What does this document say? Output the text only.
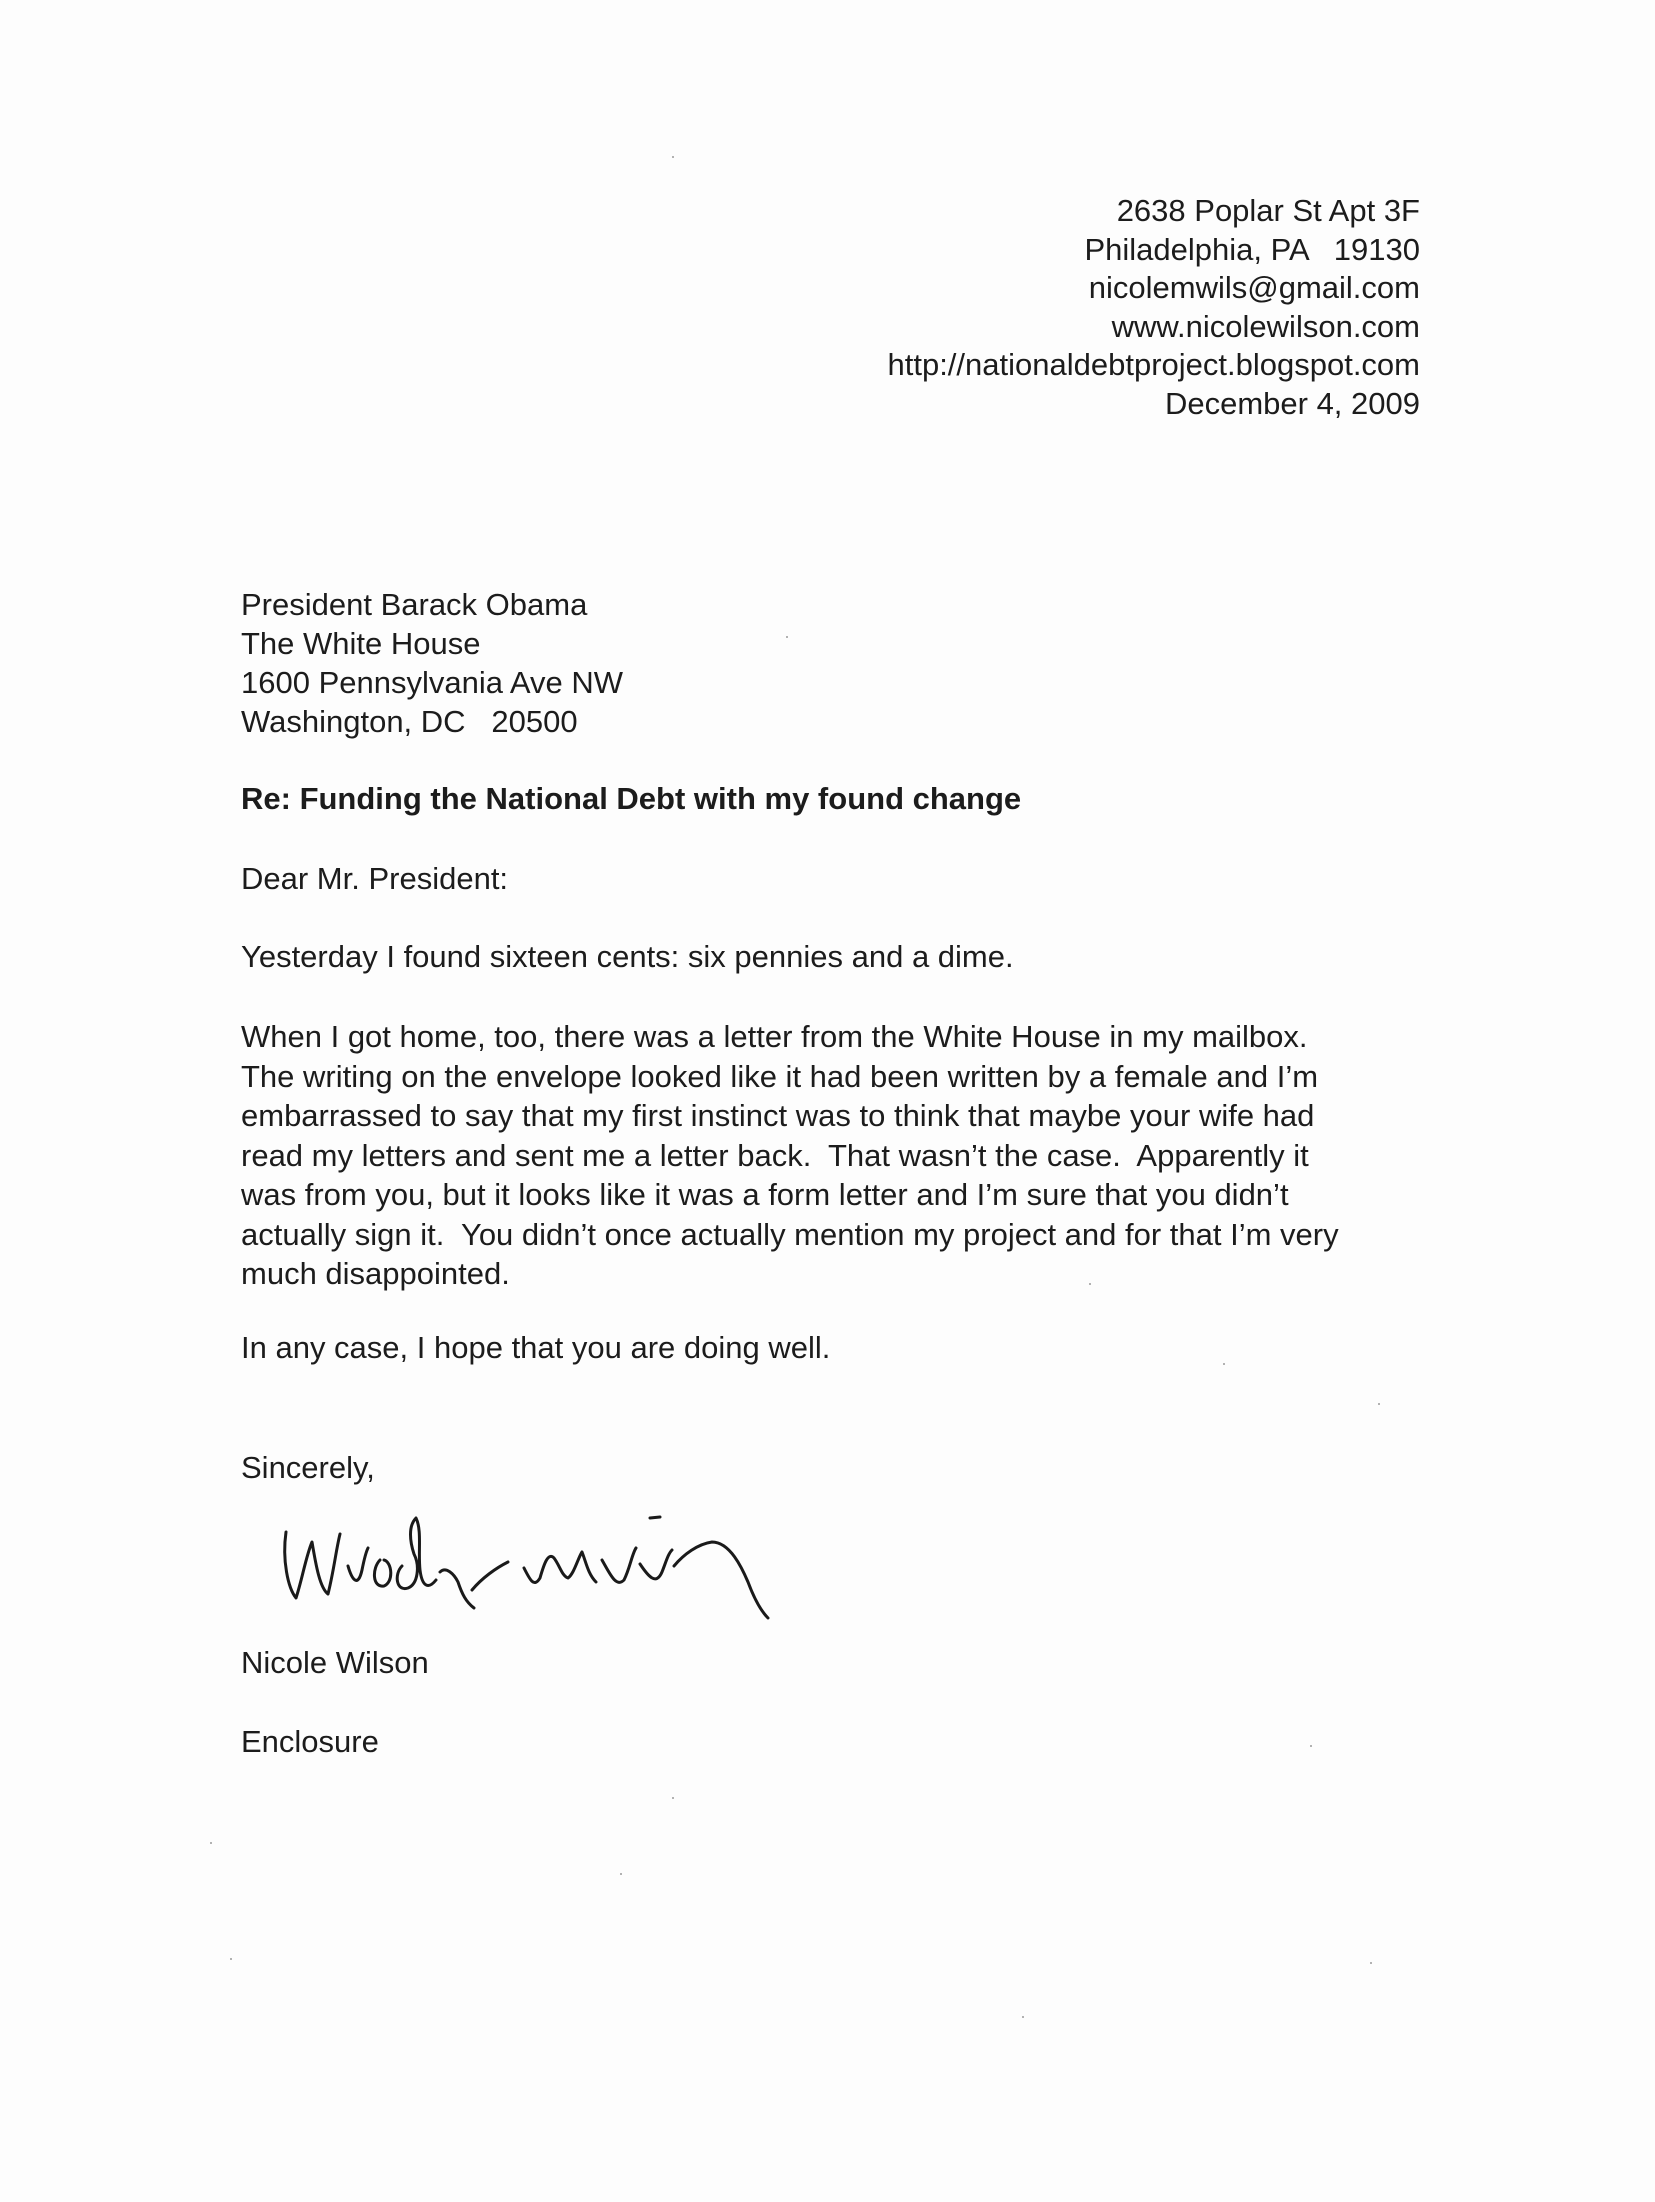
2638 Poplar St Apt 3F
Philadelphia, PA   19130
nicolemwils@gmail.com
www.nicolewilson.com
http://nationaldebtproject.blogspot.com
December 4, 2009
President Barack Obama
The White House
1600 Pennsylvania Ave NW
Washington, DC   20500
Re: Funding the National Debt with my found change
Dear Mr. President:
Yesterday I found sixteen cents: six pennies and a dime.
When I got home, too, there was a letter from the White House in my mailbox.
The writing on the envelope looked like it had been written by a female and I’m
embarrassed to say that my first instinct was to think that maybe your wife had
read my letters and sent me a letter back.  That wasn’t the case.  Apparently it
was from you, but it looks like it was a form letter and I’m sure that you didn’t
actually sign it.  You didn’t once actually mention my project and for that I’m very
much disappointed.
In any case, I hope that you are doing well.
Sincerely,
Nicole Wilson
Enclosure
